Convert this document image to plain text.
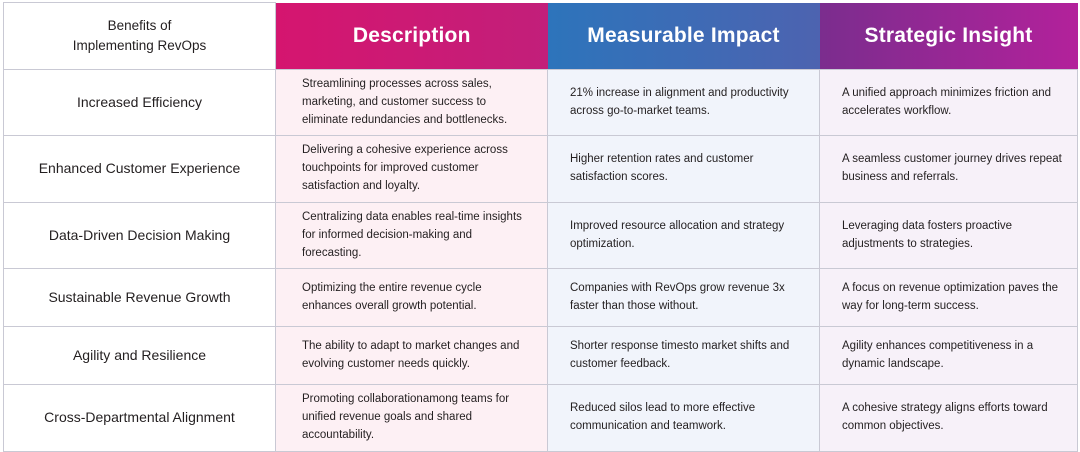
Benefits of
Implementing RevOps	Description	Measurable Impact	Strategic Insight

Increased Efficiency	Streamlining processes across sales, marketing, and customer success to eliminate redundancies and bottlenecks.	21% increase in alignment and productivity across go-to-market teams.	A unified approach minimizes friction and accelerates workflow.

Enhanced Customer Experience	Delivering a cohesive experience across touchpoints for improved customer satisfaction and loyalty.	Higher retention rates and customer satisfaction scores.	A seamless customer journey drives repeat business and referrals.

Data-Driven Decision Making	Centralizing data enables real-time insights for informed decision-making and forecasting.	Improved resource allocation and strategy optimization.	Leveraging data fosters proactive adjustments to strategies.

Sustainable Revenue Growth	Optimizing the entire revenue cycle enhances overall growth potential.	Companies with RevOps grow revenue 3x faster than those without.	A focus on revenue optimization paves the way for long-term success.

Agility and Resilience	The ability to adapt to market changes and evolving customer needs quickly.	Shorter response timesto market shifts and customer feedback.	Agility enhances competitiveness in a dynamic landscape.

Cross-Departmental Alignment	Promoting collaborationamong teams for unified revenue goals and shared accountability.	Reduced silos lead to more effective communication and teamwork.	A cohesive strategy aligns efforts toward common objectives.
